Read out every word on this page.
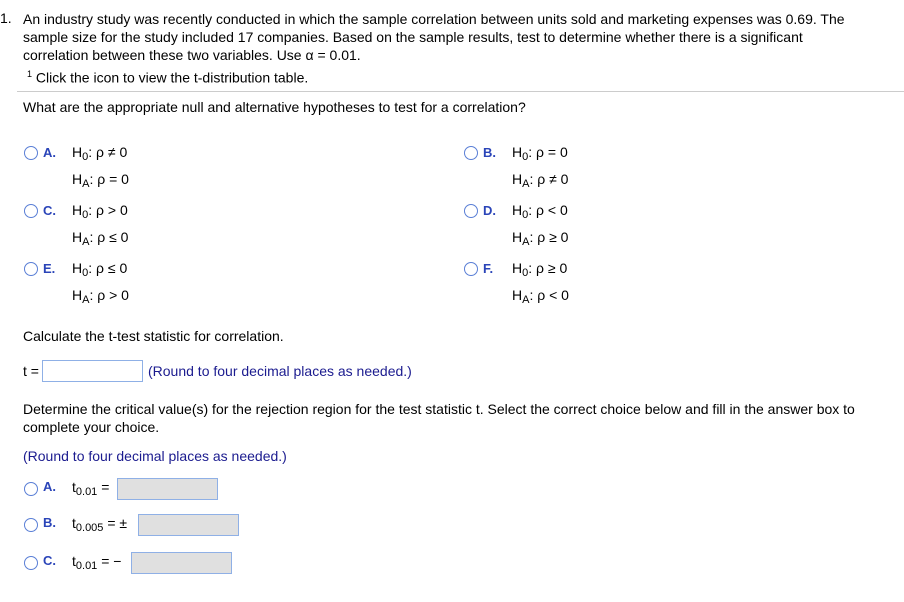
1. An industry study was recently conducted in which the sample correlation between units sold and marketing expenses was 0.69. The
sample size for the study included 17 companies. Based on the sample results, test to determine whether there is a significant
correlation between these two variables. Use α = 0.01.
$^1$ Click the icon to view the t-distribution table.
What are the appropriate null and alternative hypotheses to test for a correlation?
A. $H_0$: ρ ≠ 0
$H_A$: ρ = 0
B. $H_0$: ρ = 0
$H_A$: ρ ≠ 0
C. $H_0$: ρ > 0
$H_A$: ρ ≤ 0
D. $H_0$: ρ < 0
$H_A$: ρ ≥ 0
E. $H_0$: ρ ≤ 0
$H_A$: ρ > 0
F. $H_0$: ρ ≥ 0
$H_A$: ρ < 0
Calculate the t-test statistic for correlation.
t =	(Round to four decimal places as needed.)
Determine the critical value(s) for the rejection region for the test statistic t. Select the correct choice below and fill in the answer box to
complete your choice.
(Round to four decimal places as needed.)
A. $t_{0.01}$ =
B. $t_{0.005}$ = ±
C. $t_{0.01}$ = −
